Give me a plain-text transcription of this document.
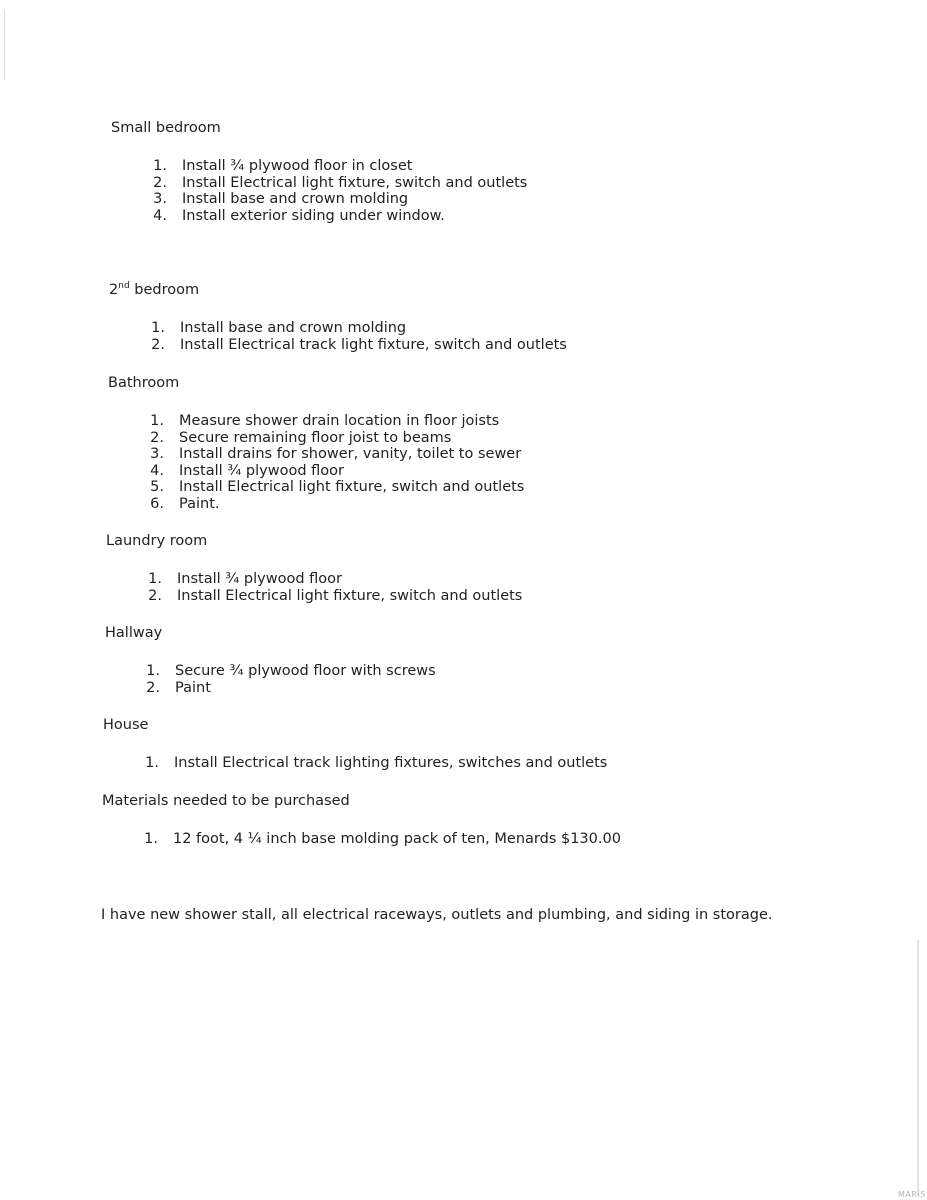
Small bedroom

1. Install ¾ plywood floor in closet
2. Install Electrical light fixture, switch and outlets
3. Install base and crown molding
4. Install exterior siding under window.

2nd bedroom

1. Install base and crown molding
2. Install Electrical track light fixture, switch and outlets

Bathroom

1. Measure shower drain location in floor joists
2. Secure remaining floor joist to beams
3. Install drains for shower, vanity, toilet to sewer
4. Install ¾ plywood floor
5. Install Electrical light fixture, switch and outlets
6. Paint.

Laundry room

1. Install ¾ plywood floor
2. Install Electrical light fixture, switch and outlets

Hallway

1. Secure ¾ plywood floor with screws
2. Paint

House

1. Install Electrical track lighting fixtures, switches and outlets

Materials needed to be purchased

1. 12 foot, 4 ¼ inch base molding pack of ten, Menards $130.00

I have new shower stall, all electrical raceways, outlets and plumbing, and siding in storage.

MARIS
